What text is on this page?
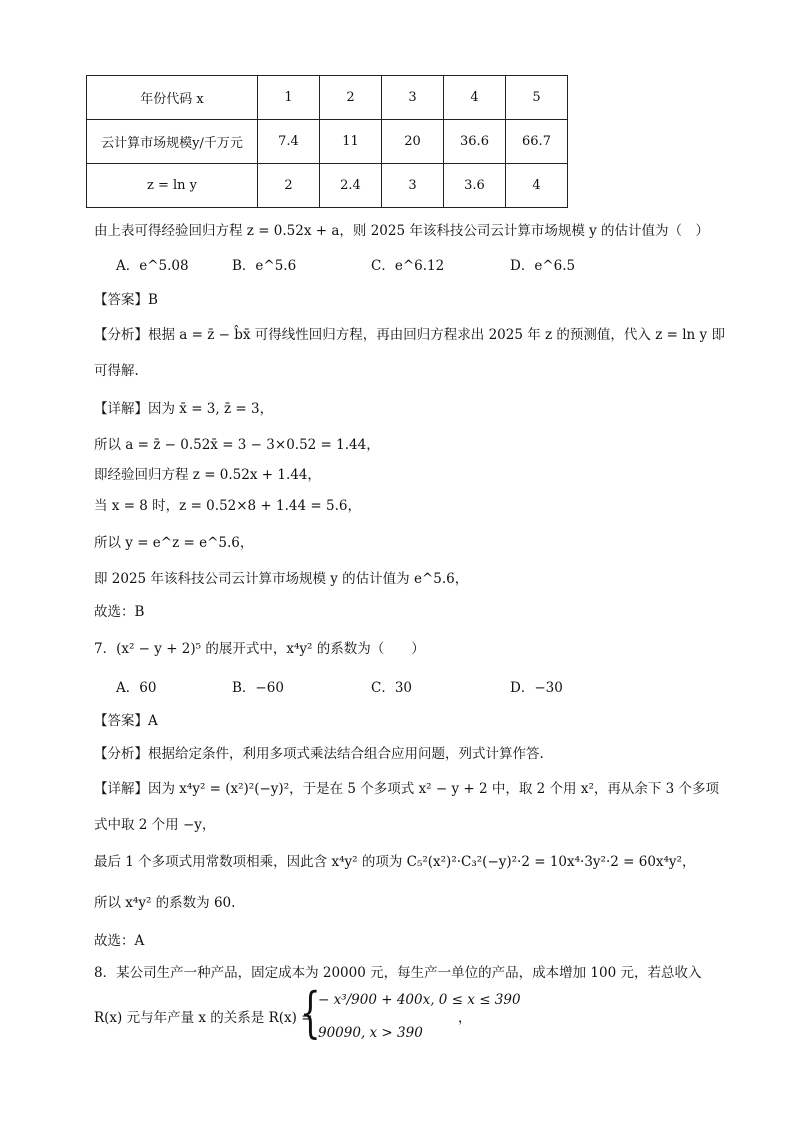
年份代码 x	1	2	3	4	5
云计算市场规模y/千万元	7.4	11	20	36.6	66.7
z = ln y	2	2.4	3	3.6	4
由上表可得经验回归方程 z = 0.52x + a，则 2025 年该科技公司云计算市场规模 y 的估计值为（　）
A．e^5.08	B．e^5.6	C．e^6.12	D．e^6.5
【答案】B
【分析】根据 a = z̄ − b̂x̄ 可得线性回归方程，再由回归方程求出 2025 年 z 的预测值，代入 z = ln y 即
可得解.
【详解】因为 x̄ = 3, z̄ = 3，
所以 a = z̄ − 0.52x̄ = 3 − 3×0.52 = 1.44，
即经验回归方程 z = 0.52x + 1.44，
当 x = 8 时，z = 0.52×8 + 1.44 = 5.6，
所以 y = e^z = e^5.6，
即 2025 年该科技公司云计算市场规模 y 的估计值为 e^5.6，
故选：B
7．(x² − y + 2)⁵ 的展开式中，x⁴y² 的系数为（　　）
A．60	B．−60	C．30	D．−30
【答案】A
【分析】根据给定条件，利用多项式乘法结合组合应用问题，列式计算作答.
【详解】因为 x⁴y² = (x²)²(−y)²，于是在 5 个多项式 x² − y + 2 中，取 2 个用 x²，再从余下 3 个多项
式中取 2 个用 −y，
最后 1 个多项式用常数项相乘，因此含 x⁴y² 的项为 C₅²(x²)²·C₃²(−y)²·2 = 10x⁴·3y²·2 = 60x⁴y²，
所以 x⁴y² 的系数为 60.
故选：A
8．某公司生产一种产品，固定成本为 20000 元，每生产一单位的产品，成本增加 100 元，若总收入
R(x) 元与年产量 x 的关系是 R(x) =
{
− x³/900 + 400x, 0 ≤ x ≤ 390
90090, x > 390
，
